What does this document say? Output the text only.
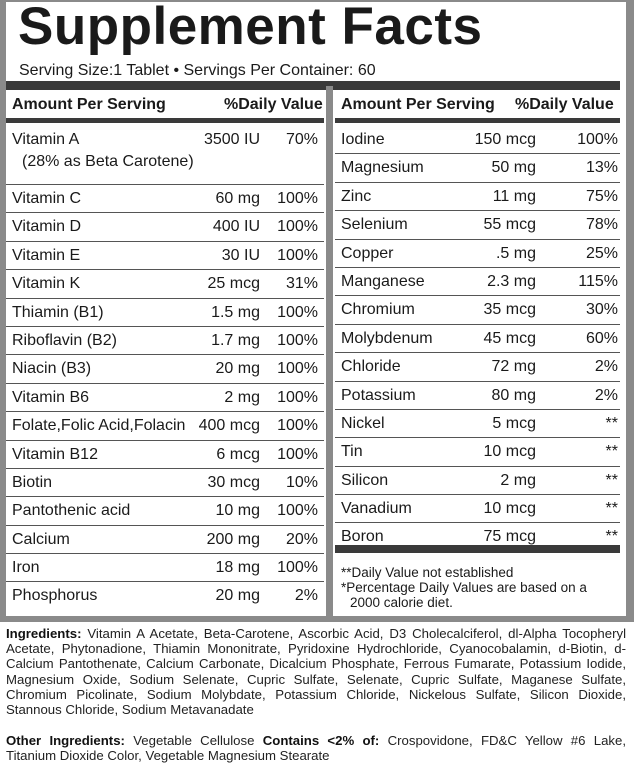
Supplement Facts
Serving Size:1 Tablet • Servings Per Container: 60
Amount Per Serving	%Daily Value
Vitamin A
(28% as Beta Carotene)
3500 IU 70%
Vitamin C	60 mg 100%
Vitamin D	400 IU 100%
Vitamin E	30 IU 100%
Vitamin K	25 mcg 31%
Thiamin (B1)	1.5 mg 100%
Riboflavin (B2)	1.7 mg 100%
Niacin (B3)	20 mg 100%
Vitamin B6	2 mg 100%
Folate,Folic Acid,Folacin 400 mcg 100%
Vitamin B12	6 mcg 100%
Biotin	30 mcg 10%
Pantothenic acid	10 mg 100%
Calcium	200 mg 20%
Iron	18 mg 100%
Phosphorus	20 mg 2%
Amount Per Serving %Daily Value
Iodine	150 mcg	100%
Magnesium	50 mg	13%
Zinc	11 mg	75%
Selenium	55 mcg	78%
Copper	.5 mg	25%
Manganese	2.3 mg	115%
Chromium	35 mcg	30%
Molybdenum	45 mcg	60%
Chloride	72 mg	2%
Potassium	80 mg	2%
Nickel	5 mcg	**
Tin	10 mcg	**
Silicon	2 mg	**
Vanadium	10 mcg	**
Boron	75 mcg	**
**Daily Value not established
*Percentage Daily Values are based on a
2000 calorie diet.
Ingredients: Vitamin A Acetate, Beta-Carotene, Ascorbic Acid, D3 Cholecalciferol, dl-Alpha Tocopheryl Acetate, Phytonadione, Thiamin Mononitrate, Pyridoxine Hydrochloride, Cyanocobalamin, d-Biotin, d-Calcium Pantothenate, Calcium Carbonate, Dicalcium Phosphate, Ferrous Fumarate, Potassium Iodide, Magnesium Oxide, Sodium Selenate, Cupric Sulfate, Selenate, Cupric Sulfate, Maganese Sulfate, Chromium Picolinate, Sodium Molybdate, Potassium Chloride, Nickelous Sulfate, Silicon Dioxide, Stannous Chloride, Sodium Metavanadate
Other Ingredients: Vegetable Cellulose Contains <2% of: Crospovidone, FD&C Yellow #6 Lake, Titanium Dioxide Color, Vegetable Magnesium Stearate
